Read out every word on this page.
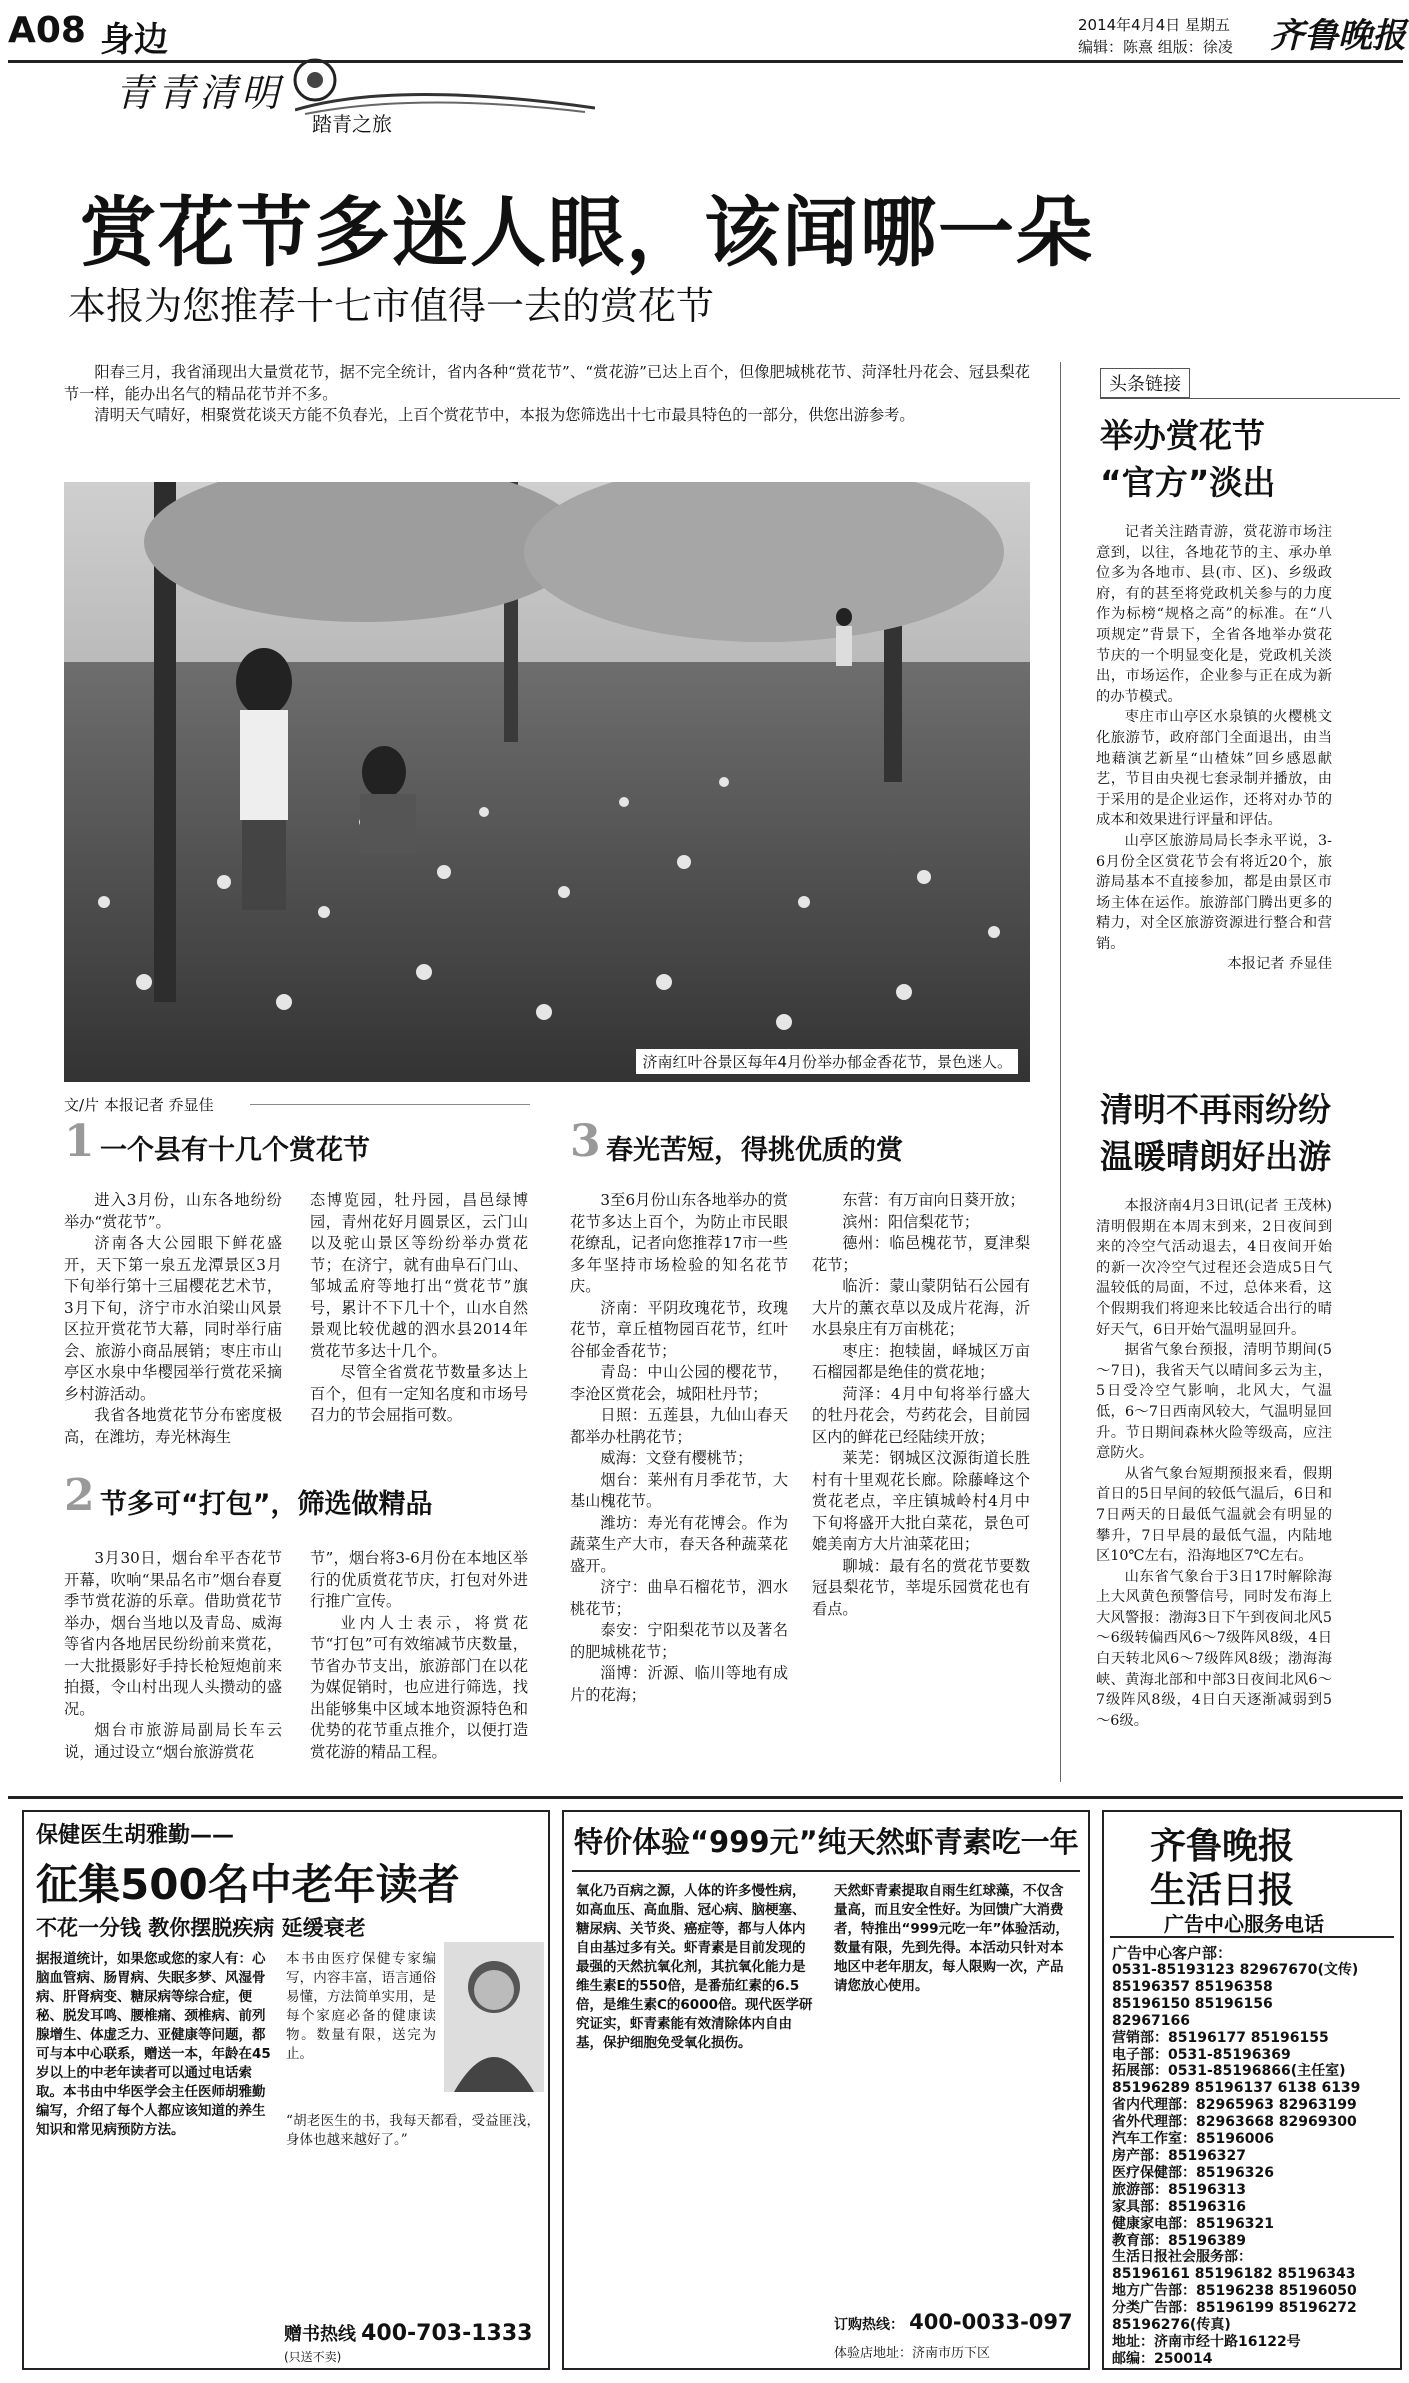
A08 身边
青青清明
踏青之旅
2014年4月4日 星期五
编辑：陈熹 组版：徐凌 齐鲁晚报
赏花节多迷人眼，该闻哪一朵
本报为您推荐十七市值得一去的赏花节

阳春三月，我省涌现出大量赏花节，据不完全统计，省内各种“赏花节”、“赏花游”已达上百个，但像肥城桃花节、菏泽牡丹花会、冠县梨花节一样，能办出名气的精品花节并不多。

清明天气晴好，相聚赏花谈天方能不负春光，上百个赏花节中，本报为您筛选出十七市最具特色的一部分，供您出游参考。

济南红叶谷景区每年4月份举办郁金香花节，景色迷人。
文/片 本报记者 乔显佳
1 一个县有十几个赏花节

进入3月份，山东各地纷纷举办“赏花节”。

济南各大公园眼下鲜花盛开，天下第一泉五龙潭景区3月下旬举行第十三届樱花艺术节，3月下旬，济宁市水泊梁山风景区拉开赏花节大幕，同时举行庙会、旅游小商品展销；枣庄市山亭区水泉中华樱园举行赏花采摘乡村游活动。

我省各地赏花节分布密度极高，在潍坊，寿光林海生

态博览园，牡丹园，昌邑绿博园，青州花好月圆景区，云门山以及驼山景区等纷纷举办赏花节；在济宁，就有曲阜石门山、邹城孟府等地打出“赏花节”旗号，累计不下几十个，山水自然景观比较优越的泗水县2014年赏花节多达十几个。

尽管全省赏花节数量多达上百个，但有一定知名度和市场号召力的节会屈指可数。

2 节多可“打包”，筛选做精品

3月30日，烟台牟平杏花节开幕，吹响“果品名市”烟台春夏季节赏花游的乐章。借助赏花节举办，烟台当地以及青岛、威海等省内各地居民纷纷前来赏花，一大批摄影好手持长枪短炮前来拍摄，令山村出现人头攒动的盛况。

烟台市旅游局副局长车云说，通过设立“烟台旅游赏花

节”，烟台将3-6月份在本地区举行的优质赏花节庆，打包对外进行推广宣传。

业内人士表示，将赏花节“打包”可有效缩减节庆数量，节省办节支出，旅游部门在以花为媒促销时，也应进行筛选，找出能够集中区域本地资源特色和优势的花节重点推介，以便打造赏花游的精品工程。

3 春光苦短，得挑优质的赏

3至6月份山东各地举办的赏花节多达上百个，为防止市民眼花缭乱，记者向您推荐17市一些多年坚持市场检验的知名花节庆。

济南：平阴玫瑰花节，玫瑰花节，章丘植物园百花节，红叶谷郁金香花节；

青岛：中山公园的樱花节，李沧区赏花会，城阳杜丹节；

日照：五莲县，九仙山春天都举办杜鹃花节；

威海：文登有樱桃节；

烟台：莱州有月季花节，大基山槐花节。

潍坊：寿光有花博会。作为蔬菜生产大市，春天各种蔬菜花盛开。

济宁：曲阜石榴花节，泗水桃花节；

泰安：宁阳梨花节以及著名的肥城桃花节；

淄博：沂源、临川等地有成片的花海；

东营：有万亩向日葵开放；

滨州：阳信梨花节；

德州：临邑槐花节，夏津梨花节；

临沂：蒙山蒙阴钻石公园有大片的薰衣草以及成片花海，沂水县泉庄有万亩桃花；

枣庄：抱犊崮，峄城区万亩石榴园都是绝佳的赏花地；

菏泽：4月中旬将举行盛大的牡丹花会，芍药花会，目前园区内的鲜花已经陆续开放；

莱芜：钢城区汶源街道长胜村有十里观花长廊。除藤峰这个赏花老点，辛庄镇城岭村4月中下旬将盛开大批白菜花，景色可媲美南方大片油菜花田；

聊城：最有名的赏花节要数冠县梨花节，莘堤乐园赏花也有看点。

头条链接
举办赏花节
“官方”淡出

记者关注踏青游，赏花游市场注意到，以往，各地花节的主、承办单位多为各地市、县(市、区)、乡级政府，有的甚至将党政机关参与的力度作为标榜“规格之高”的标准。在“八项规定”背景下，全省各地举办赏花节庆的一个明显变化是，党政机关淡出，市场运作，企业参与正在成为新的办节模式。

枣庄市山亭区水泉镇的火樱桃文化旅游节，政府部门全面退出，由当地藉演艺新星“山楂妹”回乡感恩献艺，节目由央视七套录制并播放，由于采用的是企业运作，还将对办节的成本和效果进行评量和评估。

山亭区旅游局局长李永平说，3-6月份全区赏花节会有将近20个，旅游局基本不直接参加，都是由景区市场主体在运作。旅游部门腾出更多的精力，对全区旅游资源进行整合和营销。

本报记者 乔显佳

清明不再雨纷纷
温暖晴朗好出游

本报济南4月3日讯(记者 王茂林) 清明假期在本周末到来，2日夜间到来的冷空气活动退去，4日夜间开始的新一次冷空气过程还会造成5日气温较低的局面，不过，总体来看，这个假期我们将迎来比较适合出行的晴好天气，6日开始气温明显回升。

据省气象台预报，清明节期间(5～7日)，我省天气以晴间多云为主，5日受冷空气影响，北风大，气温低，6～7日西南风较大，气温明显回升。节日期间森林火险等级高，应注意防火。

从省气象台短期预报来看，假期首日的5日早间的较低气温后，6日和7日两天的日最低气温就会有明显的攀升，7日早晨的最低气温，内陆地区10℃左右，沿海地区7℃左右。

山东省气象台于3日17时解除海上大风黄色预警信号，同时发布海上大风警报：渤海3日下午到夜间北风5～6级转偏西风6～7级阵风8级，4日白天转北风6～7级阵风8级；渤海海峡、黄海北部和中部3日夜间北风6～7级阵风8级，4日白天逐渐减弱到5～6级。

保健医生胡雅勤——
征集500名中老年读者
不花一分钱 教你摆脱疾病 延缓衰老

据报道统计，如果您或您的家人有：心脑血管病、肠胃病、失眠多梦、风湿骨病、肝肾病变、糖尿病等综合症，便秘、脱发耳鸣、腰椎痛、颈椎病、前列腺增生、体虚乏力、亚健康等问题，都可与本中心联系，赠送一本，年龄在45岁以上的中老年读者可以通过电话索取。本书由中华医学会主任医师胡雅勤编写，介绍了每个人都应该知道的养生知识和常见病预防方法。

本书由医疗保健专家编写，内容丰富，语言通俗易懂，方法简单实用，是每个家庭必备的健康读物。数量有限，送完为止。

“胡老医生的书，我每天都看，受益匪浅，身体也越来越好了。”

赠书热线 400-703-1333 (只送不卖)
特价体验“999元”纯天然虾青素吃一年

氧化乃百病之源，人体的许多慢性病，如高血压、高血脂、冠心病、脑梗塞、糖尿病、关节炎、癌症等，都与人体内自由基过多有关。虾青素是目前发现的最强的天然抗氧化剂，其抗氧化能力是维生素E的550倍，是番茄红素的6.5倍，是维生素C的6000倍。现代医学研究证实，虾青素能有效清除体内自由基，保护细胞免受氧化损伤。

天然虾青素提取自雨生红球藻，不仅含量高，而且安全性好。为回馈广大消费者，特推出“999元吃一年”体验活动，数量有限，先到先得。本活动只针对本地区中老年朋友，每人限购一次，产品请您放心使用。

订购热线： 400-0033-097
体验店地址：济南市历下区
齐鲁晚报
生活日报
广告中心服务电话
广告中心客户部：
0531-85193123 82967670(文传)
85196357 85196358
85196150 85196156
82967166
营销部：85196177 85196155
电子部：0531-85196369
拓展部：0531-85196866(主任室)
85196289 85196137 6138 6139
省内代理部：82965963 82963199
省外代理部：82963668 82969300
汽车工作室：85196006
房产部：85196327
医疗保健部：85196326
旅游部：85196313
家具部：85196316
健康家电部：85196321
教育部：85196389
生活日报社会服务部：
85196161 85196182 85196343
地方广告部：85196238 85196050
分类广告部：85196199 85196272
85196276(传真)
地址：济南市经十路16122号
邮编：250014
